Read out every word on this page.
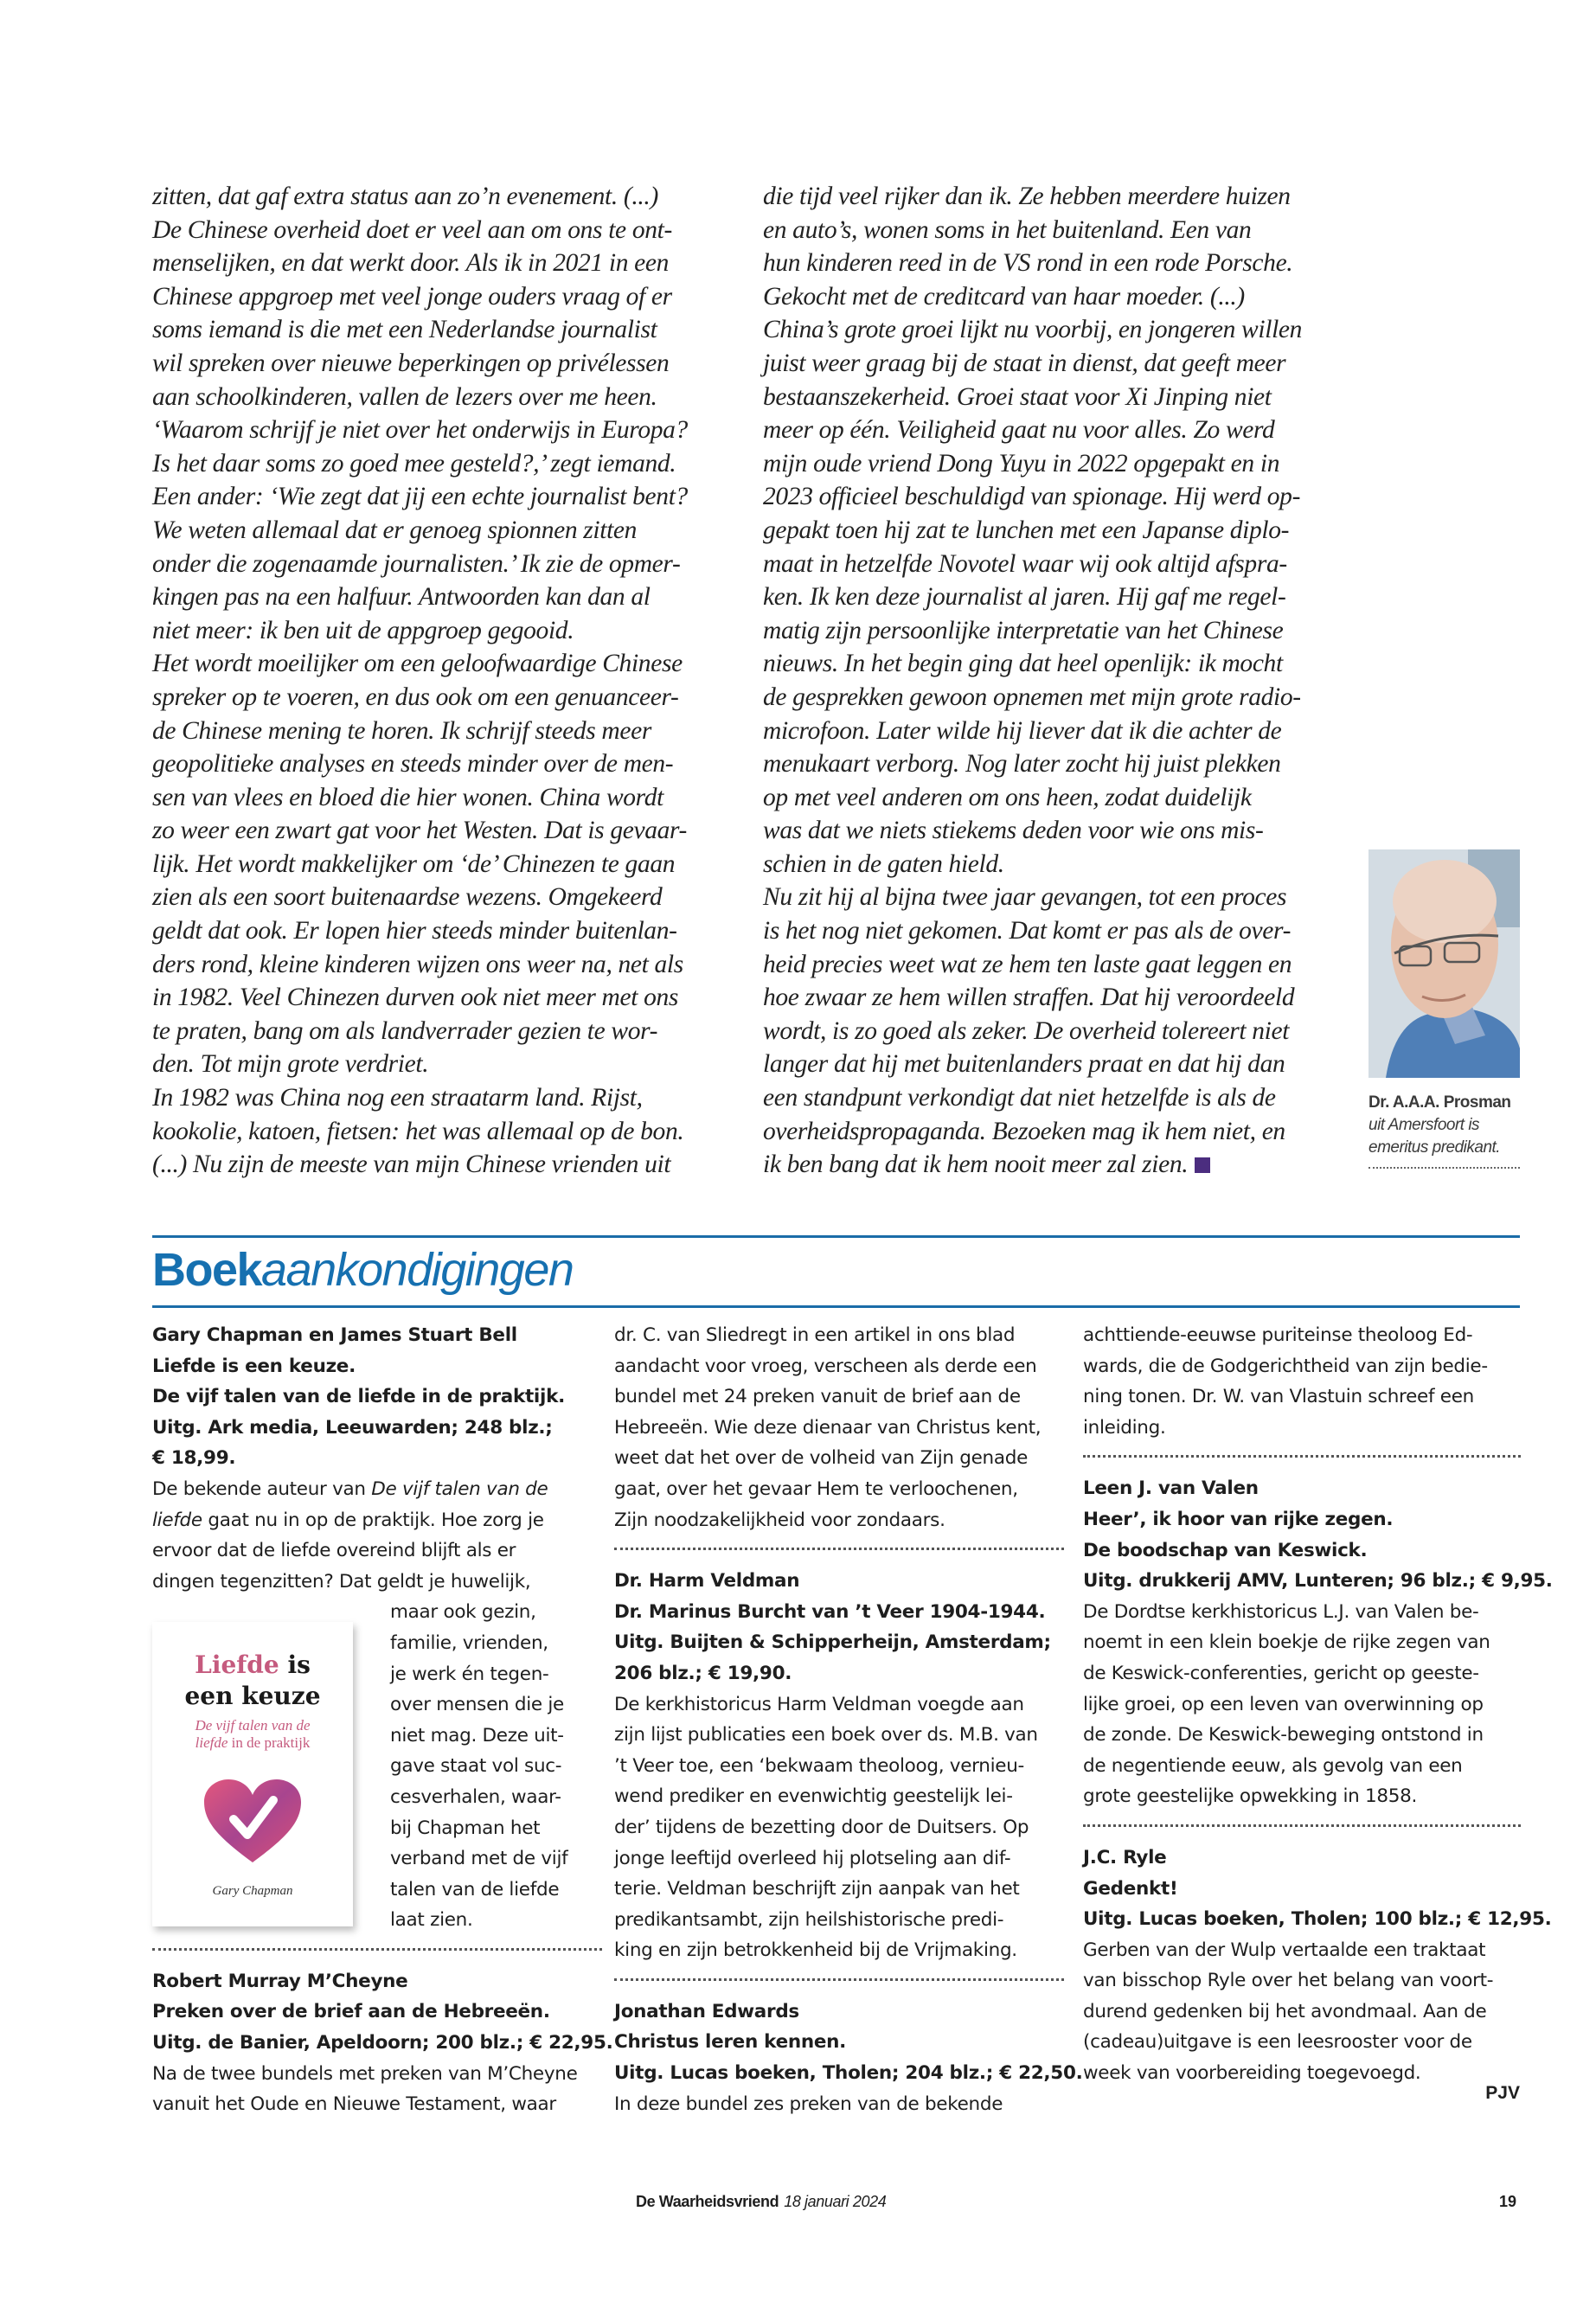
zitten, dat gaf extra status aan zo’n evenement. (...)
De Chinese overheid doet er veel aan om ons te ont-
menselijken, en dat werkt door. Als ik in 2021 in een
Chinese appgroep met veel jonge ouders vraag of er
soms iemand is die met een Nederlandse journalist
wil spreken over nieuwe beperkingen op privélessen
aan schoolkinderen, vallen de lezers over me heen.
‘Waarom schrijf je niet over het onderwijs in Europa?
Is het daar soms zo goed mee gesteld?,’ zegt iemand.
Een ander: ‘Wie zegt dat jij een echte journalist bent?
We weten allemaal dat er genoeg spionnen zitten
onder die zogenaamde journalisten.’ Ik zie de opmer-
kingen pas na een halfuur. Antwoorden kan dan al
niet meer: ik ben uit de appgroep gegooid.
Het wordt moeilijker om een geloofwaardige Chinese
spreker op te voeren, en dus ook om een genuanceer-
de Chinese mening te horen. Ik schrijf steeds meer
geopolitieke analyses en steeds minder over de men-
sen van vlees en bloed die hier wonen. China wordt
zo weer een zwart gat voor het Westen. Dat is gevaar-
lijk. Het wordt makkelijker om ‘de’ Chinezen te gaan
zien als een soort buitenaardse wezens. Omgekeerd
geldt dat ook. Er lopen hier steeds minder buitenlan-
ders rond, kleine kinderen wijzen ons weer na, net als
in 1982. Veel Chinezen durven ook niet meer met ons
te praten, bang om als landverrader gezien te wor-
den. Tot mijn grote verdriet.
In 1982 was China nog een straatarm land. Rijst,
kookolie, katoen, fietsen: het was allemaal op de bon.
(...) Nu zijn de meeste van mijn Chinese vrienden uit
die tijd veel rijker dan ik. Ze hebben meerdere huizen
en auto’s, wonen soms in het buitenland. Een van
hun kinderen reed in de VS rond in een rode Porsche.
Gekocht met de creditcard van haar moeder. (...)
China’s grote groei lijkt nu voorbij, en jongeren willen
juist weer graag bij de staat in dienst, dat geeft meer
bestaanszekerheid. Groei staat voor Xi Jinping niet
meer op één. Veiligheid gaat nu voor alles. Zo werd
mijn oude vriend Dong Yuyu in 2022 opgepakt en in
2023 officieel beschuldigd van spionage. Hij werd op-
gepakt toen hij zat te lunchen met een Japanse diplo-
maat in hetzelfde Novotel waar wij ook altijd afspra-
ken. Ik ken deze journalist al jaren. Hij gaf me regel-
matig zijn persoonlijke interpretatie van het Chinese
nieuws. In het begin ging dat heel openlijk: ik mocht
de gesprekken gewoon opnemen met mijn grote radio-
microfoon. Later wilde hij liever dat ik die achter de
menukaart verborg. Nog later zocht hij juist plekken
op met veel anderen om ons heen, zodat duidelijk
was dat we niets stiekems deden voor wie ons mis-
schien in de gaten hield.
Nu zit hij al bijna twee jaar gevangen, tot een proces
is het nog niet gekomen. Dat komt er pas als de over-
heid precies weet wat ze hem ten laste gaat leggen en
hoe zwaar ze hem willen straffen. Dat hij veroordeeld
wordt, is zo goed als zeker. De overheid tolereert niet
langer dat hij met buitenlanders praat en dat hij dan
een standpunt verkondigt dat niet hetzelfde is als de
overheidspropaganda. Bezoeken mag ik hem niet, en
ik ben bang dat ik hem nooit meer zal zien.
Dr. A.A.A. Prosman
uit Amersfoort is
emeritus predikant.
Boekaankondigingen
Gary Chapman en James Stuart Bell
Liefde is een keuze.
De vijf talen van de liefde in de praktijk.
Uitg. Ark media, Leeuwarden; 248 blz.;
€ 18,99.
De bekende auteur van De vijf talen van de
liefde gaat nu in op de praktijk. Hoe zorg je
ervoor dat de liefde overeind blijft als er
dingen tegenzitten? Dat geldt je huwelijk,
maar ook gezin,
familie, vrienden,
je werk én tegen-
over mensen die je
niet mag. Deze uit-
gave staat vol suc-
cesverhalen, waar-
bij Chapman het
verband met de vijf
talen van de liefde
laat zien.
Robert Murray M’Cheyne
Preken over de brief aan de Hebreeën.
Uitg. de Banier, Apeldoorn; 200 blz.; € 22,95.
Na de twee bundels met preken van M’Cheyne
vanuit het Oude en Nieuwe Testament, waar
Liefde is
een keuze
De vijf talen van de
liefde in de praktijk
Gary Chapman
dr. C. van Sliedregt in een artikel in ons blad
aandacht voor vroeg, verscheen als derde een
bundel met 24 preken vanuit de brief aan de
Hebreeën. Wie deze dienaar van Christus kent,
weet dat het over de volheid van Zijn genade
gaat, over het gevaar Hem te verloochenen,
Zijn noodzakelijkheid voor zondaars.
Dr. Harm Veldman
Dr. Marinus Burcht van ’t Veer 1904-1944.
Uitg. Buijten & Schipperheijn, Amsterdam;
206 blz.; € 19,90.
De kerkhistoricus Harm Veldman voegde aan
zijn lijst publicaties een boek over ds. M.B. van
’t Veer toe, een ‘bekwaam theoloog, vernieu-
wend prediker en evenwichtig geestelijk lei-
der’ tijdens de bezetting door de Duitsers. Op
jonge leeftijd overleed hij plotseling aan dif-
terie. Veldman beschrijft zijn aanpak van het
predikantsambt, zijn heilshistorische predi-
king en zijn betrokkenheid bij de Vrijmaking.
Jonathan Edwards
Christus leren kennen.
Uitg. Lucas boeken, Tholen; 204 blz.; € 22,50.
In deze bundel zes preken van de bekende
achttiende-eeuwse puriteinse theoloog Ed-
wards, die de Godgerichtheid van zijn bedie-
ning tonen. Dr. W. van Vlastuin schreef een
inleiding.
Leen J. van Valen
Heer’, ik hoor van rijke zegen.
De boodschap van Keswick.
Uitg. drukkerij AMV, Lunteren; 96 blz.; € 9,95.
De Dordtse kerkhistoricus L.J. van Valen be-
noemt in een klein boekje de rijke zegen van
de Keswick-conferenties, gericht op geeste-
lijke groei, op een leven van overwinning op
de zonde. De Keswick-beweging ontstond in
de negentiende eeuw, als gevolg van een
grote geestelijke opwekking in 1858.
J.C. Ryle
Gedenkt!
Uitg. Lucas boeken, Tholen; 100 blz.; € 12,95.
Gerben van der Wulp vertaalde een traktaat
van bisschop Ryle over het belang van voort-
durend gedenken bij het avondmaal. Aan de
(cadeau)uitgave is een leesrooster voor de
week van voorbereiding toegevoegd.
PJV
De Waarheidsvriend 18 januari 2024	19
